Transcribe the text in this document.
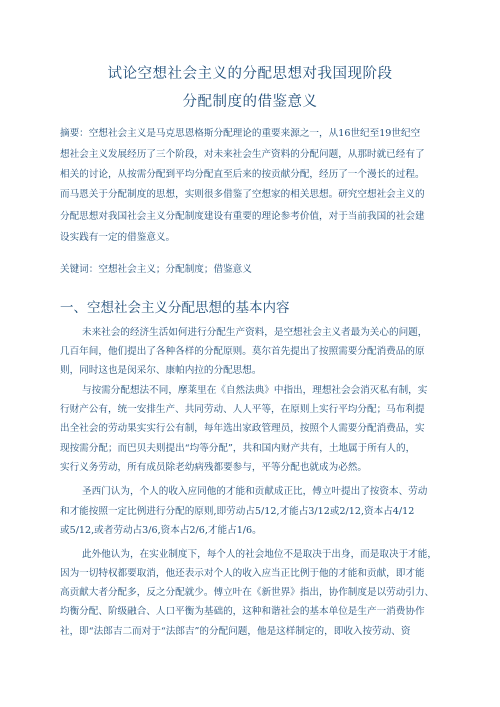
试论空想社会主义的分配思想对我国现阶段
分配制度的借鉴意义
摘要：空想社会主义是马克思恩格斯分配理论的重要来源之一，从16世纪至19世纪空
想社会主义发展经历了三个阶段，对未来社会生产资料的分配问题，从那时就已经有了
相关的讨论，从按需分配到平均分配直至后来的按贡献分配，经历了一个漫长的过程。
而马恩关于分配制度的思想，实则很多借鉴了空想家的相关思想。研究空想社会主义的
分配思想对我国社会主义分配制度建设有重要的理论参考价值，对于当前我国的社会建
设实践有一定的借鉴意义。
关键词：空想社会主义；分配制度；借鉴意义
一、空想社会主义分配思想的基本内容
未来社会的经济生活如何进行分配生产资料，是空想社会主义者最为关心的问题，
几百年间，他们提出了各种各样的分配原则。莫尔首先提出了按照需要分配消费品的原
则，同时这也是闵采尔、康帕内拉的分配思想。
与按需分配想法不同，摩莱里在《自然法典》中指出，理想社会会消灭私有制，实
行财产公有，统一安排生产、共同劳动、人人平等，在原则上实行平均分配；马布利提
出全社会的劳动果实实行公有制，每年选出家政管理员，按照个人需要分配消费品，实
现按需分配；而巴贝夫则提出“均等分配”，共和国内财产共有，土地属于所有人的，
实行义务劳动，所有成员除老幼病残都要参与，平等分配也就成为必然。
圣西门认为，个人的收入应同他的才能和贡献成正比，傅立叶提出了按资本、劳动
和才能按照一定比例进行分配的原则,即劳动占5/12,才能占3/12或2/12,资本占4/12
或5/12,或者劳动占3/6,资本占2/6,才能占1/6。
此外他认为，在实业制度下，每个人的社会地位不是取决于出身，而是取决于才能，
因为一切特权都要取消，他还表示对个人的收入应当正比例于他的才能和贡献，即才能
高贡献大者分配多，反之分配就少。傅立叶在《新世界》指出，协作制度是以劳动引力、
均衡分配、阶级融合、人口平衡为基础的，这种和谐社会的基本单位是生产一消费协作
社，即“法郎吉二而对于“法郎吉”的分配问题，他是这样制定的，即收入按劳动、资
